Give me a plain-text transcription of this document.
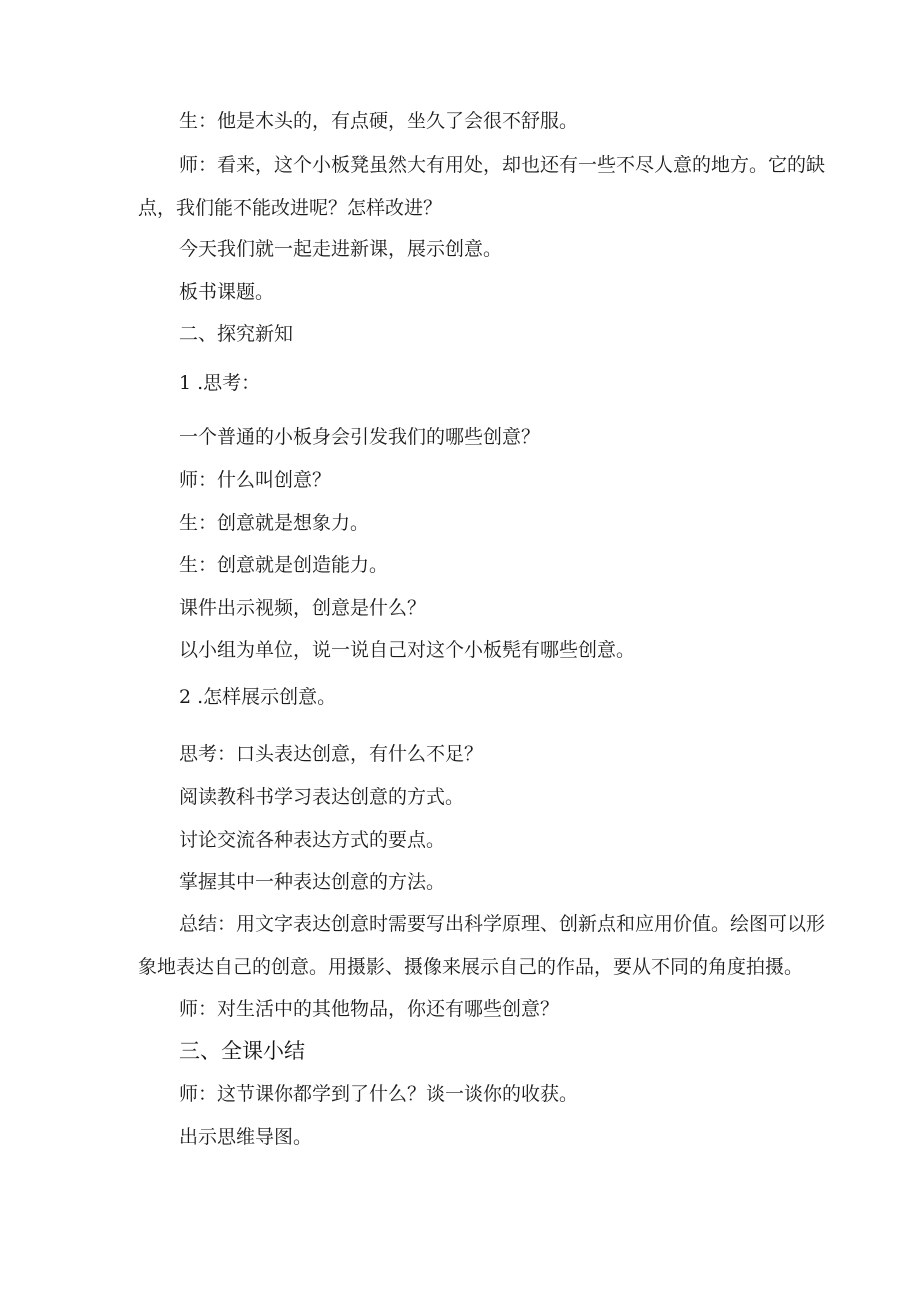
生：他是木头的，有点硬，坐久了会很不舒服。

师：看来，这个小板凳虽然大有用处，却也还有一些不尽人意的地方。它的缺

点，我们能不能改进呢？怎样改进？

今天我们就一起走进新课，展示创意。

板书课题。

二、探究新知

1 .思考：

一个普通的小板身会引发我们的哪些创意？

师：什么叫创意？

生：创意就是想象力。

生：创意就是创造能力。

课件出示视频，创意是什么？

以小组为单位，说一说自己对这个小板髡有哪些创意。

2 .怎样展示创意。

思考：口头表达创意，有什么不足？

阅读教科书学习表达创意的方式。

讨论交流各种表达方式的要点。

掌握其中一种表达创意的方法。

总结：用文字表达创意时需要写出科学原理、创新点和应用价值。绘图可以形

象地表达自己的创意。用摄影、摄像来展示自己的作品，要从不同的角度拍摄。

师：对生活中的其他物品，你还有哪些创意？

三、全课小结

师：这节课你都学到了什么？谈一谈你的收获。

出示思维导图。
